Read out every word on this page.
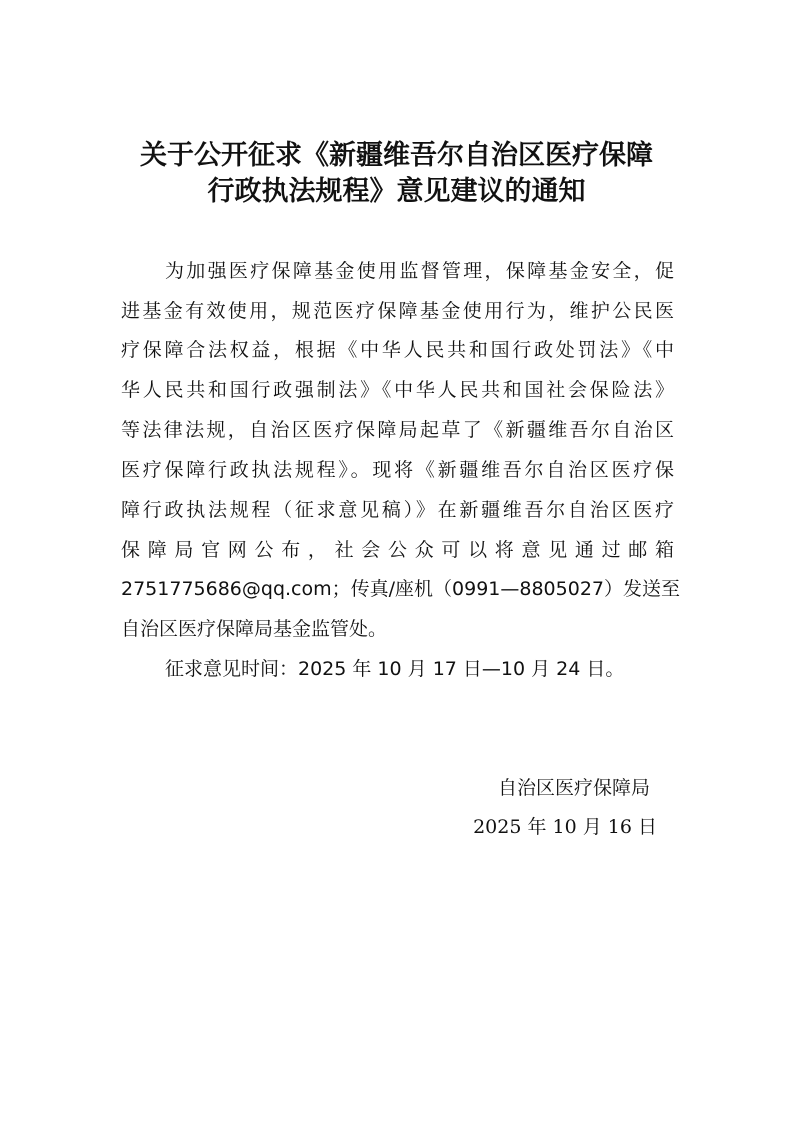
关于公开征求《新疆维吾尔自治区医疗保障
行政执法规程》意见建议的通知
为加强医疗保障基金使用监督管理，保障基金安全，促
进基金有效使用，规范医疗保障基金使用行为，维护公民医
疗保障合法权益，根据《中华人民共和国行政处罚法》《中
华人民共和国行政强制法》《中华人民共和国社会保险法》
等法律法规，自治区医疗保障局起草了《新疆维吾尔自治区
医疗保障行政执法规程》。现将《新疆维吾尔自治区医疗保
障行政执法规程（征求意见稿）》在新疆维吾尔自治区医疗
保障局官网公布，社会公众可以将意见通过邮箱
2751775686@qq.com；传真/座机（0991—8805027）发送至
自治区医疗保障局基金监管处。
征求意见时间：2025 年 10 月 17 日—10 月 24 日。
自治区医疗保障局
2025 年 10 月 16 日
